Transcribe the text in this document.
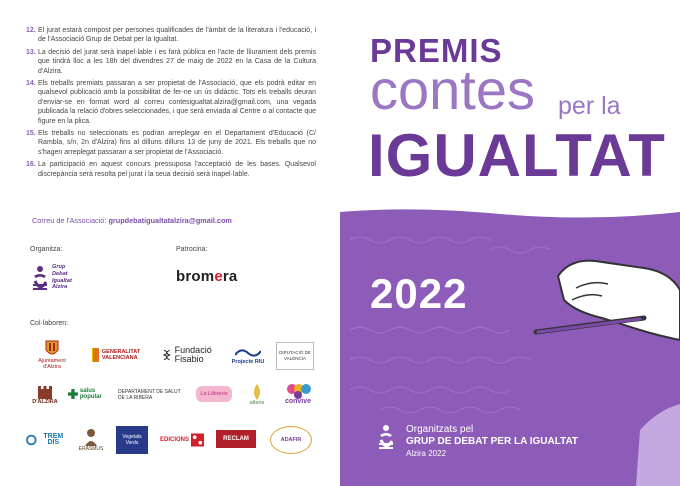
12. El jurat estarà compost per persones qualificades de l'àmbit de la literatura i l'educació, i de l'Associació Grup de Debat per la Igualtat.
13. La decisió del jurat serà inapel·lable i es farà pública en l'acte de lliurament dels premis que tindrà lloc a les 18h del divendres 27 de maig de 2022 en la Casa de la Cultura d'Alzira.
14. Els treballs premiats passaran a ser propietat de l'Associació, que els podrà editar en qualsevol publicació amb la possibilitat de fer-ne un ús didàctic. Tots els treballs deuran d'enviar-se en format word al correu contesigualtat.alzira@gmail.com, una vegada publicada la relació d'obres seleccionades, i que serà enviada al Centre o al contacte que figure en la plica.
15. Els treballs no seleccionats es podran arreplegar en el Departament d'Educació (C/ Rambla, s/n, 2n d'Alzira) fins al dilluns dilluns 13 de juny de 2021. Els treballs que no s'hagen arreplegat passaran a ser propietat de l'Associació.
16. La participació en aquest concurs pressuposa l'acceptació de les bases. Qualsevol discrepància serà resolta pel jurat i la seua decisió serà inapel·lable.
Correu de l'Associació: grupdebatigualtatalzira@gmail.com
Organitza:	Patrocina:
Grup
Debat
Igualtat
Alzira
bromera
Col·laboren:
Ajuntament d'Alzira
GENERALITAT VALENCIANA
Fundació Fisabio	Projecte RIU
DIPUTACIÓ DE VALÈNCIA
D'ALZIRA
salus popular
DEPARTAMENT DE SALUT DE LA RIBERA
La Llibreria
altens	convive
TREM DIS
ERASMUS
Vegetals Verds	EDICIONS	RECLAM	ADAFIR
PREMIS
contes per la
IGUALTAT
2022
Organitzats pel
GRUP DE DEBAT PER LA IGUALTAT
Alzira 2022
